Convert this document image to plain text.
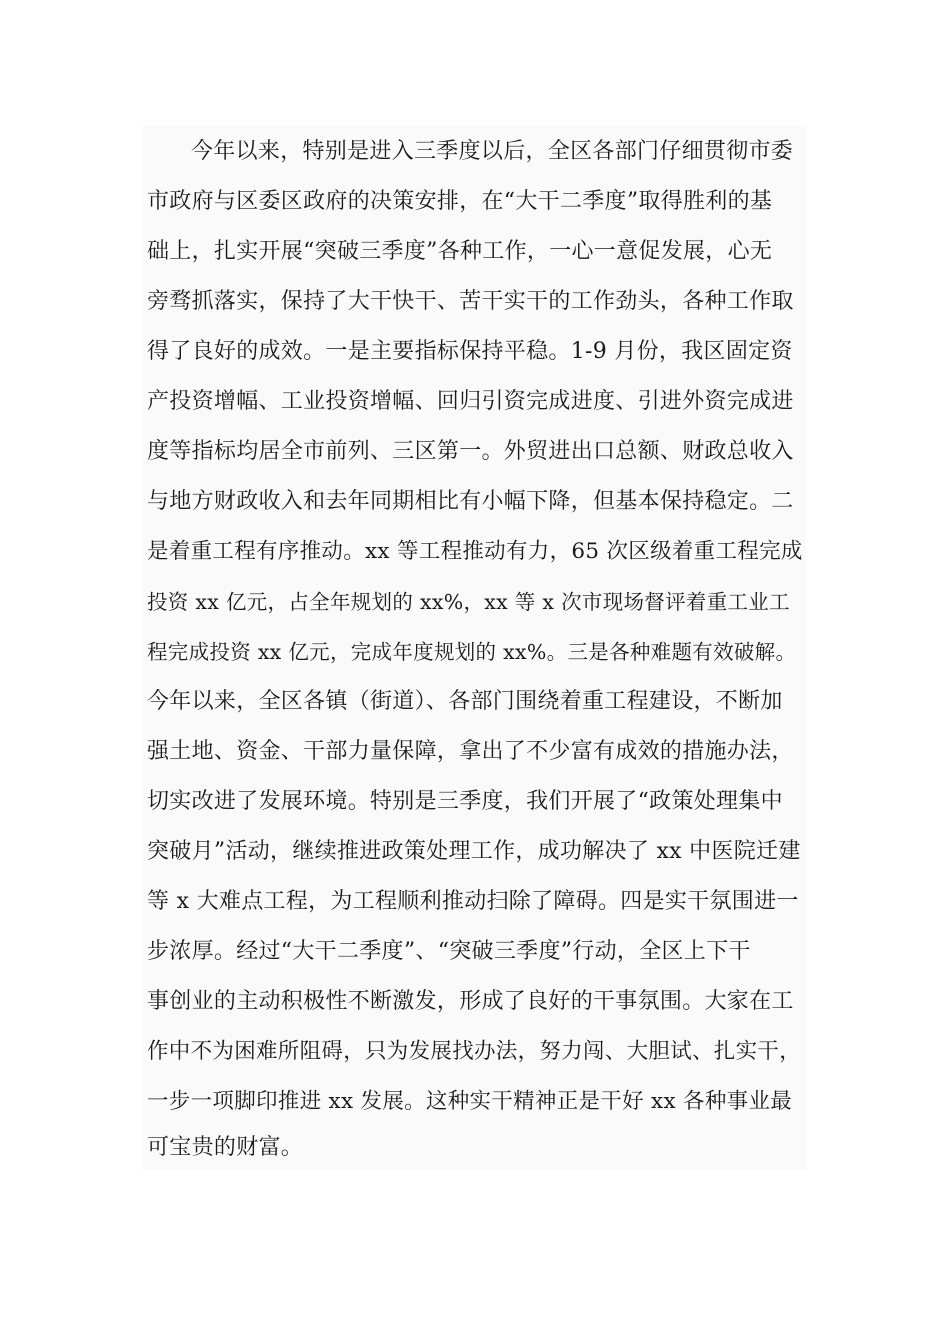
今年以来，特别是进入三季度以后，全区各部门仔细贯彻市委
市政府与区委区政府的决策安排，在“大干二季度”取得胜利的基
础上，扎实开展“突破三季度”各种工作，一心一意促发展，心无
旁骛抓落实，保持了大干快干、苦干实干的工作劲头，各种工作取
得了良好的成效。一是主要指标保持平稳。1-9 月份，我区固定资
产投资增幅、工业投资增幅、回归引资完成进度、引进外资完成进
度等指标均居全市前列、三区第一。外贸进出口总额、财政总收入
与地方财政收入和去年同期相比有小幅下降，但基本保持稳定。二
是着重工程有序推动。xx 等工程推动有力，65 次区级着重工程完成
投资 xx 亿元，占全年规划的 xx%，xx 等 x 次市现场督评着重工业工
程完成投资 xx 亿元，完成年度规划的 xx%。三是各种难题有效破解。
今年以来，全区各镇（街道）、各部门围绕着重工程建设，不断加
强土地、资金、干部力量保障，拿出了不少富有成效的措施办法，
切实改进了发展环境。特别是三季度，我们开展了“政策处理集中
突破月”活动，继续推进政策处理工作，成功解决了 xx 中医院迁建
等 x 大难点工程，为工程顺利推动扫除了障碍。四是实干氛围进一
步浓厚。经过“大干二季度”、“突破三季度”行动，全区上下干
事创业的主动积极性不断激发，形成了良好的干事氛围。大家在工
作中不为困难所阻碍，只为发展找办法，努力闯、大胆试、扎实干，
一步一项脚印推进 xx 发展。这种实干精神正是干好 xx 各种事业最
可宝贵的财富。
